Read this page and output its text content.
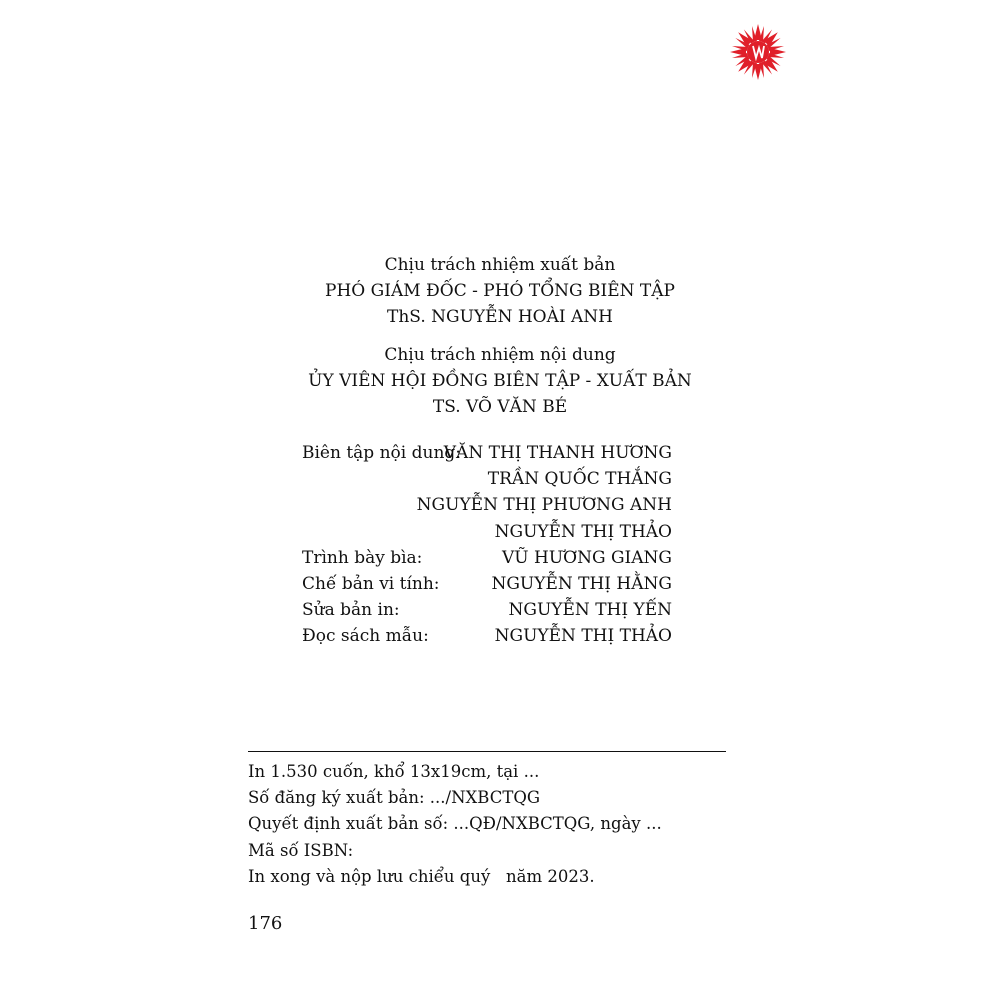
Chịu trách nhiệm xuất bản
PHÓ GIÁM ĐỐC - PHÓ TỔNG BIÊN TẬP
ThS. NGUYỄN HOÀI ANH
Chịu trách nhiệm nội dung
ỦY VIÊN HỘI ĐỒNG BIÊN TẬP - XUẤT BẢN
TS. VÕ VĂN BÉ
Biên tập nội dung:
VĂN THỊ THANH HƯƠNG
TRẦN QUỐC THẮNG
NGUYỄN THỊ PHƯƠNG ANH
NGUYỄN THỊ THẢO
Trình bày bìa:	VŨ HƯƠNG GIANG
Chế bản vi tính:	NGUYỄN THỊ HẰNG
Sửa bản in:	NGUYỄN THỊ YẾN
Đọc sách mẫu:	NGUYỄN THỊ THẢO
In 1.530 cuốn, khổ 13x19cm, tại ...
Số đăng ký xuất bản: .../NXBCTQG
Quyết định xuất bản số: ...QĐ/NXBCTQG, ngày ...
Mã số ISBN:
In xong và nộp lưu chiểu quý   năm 2023.
176
